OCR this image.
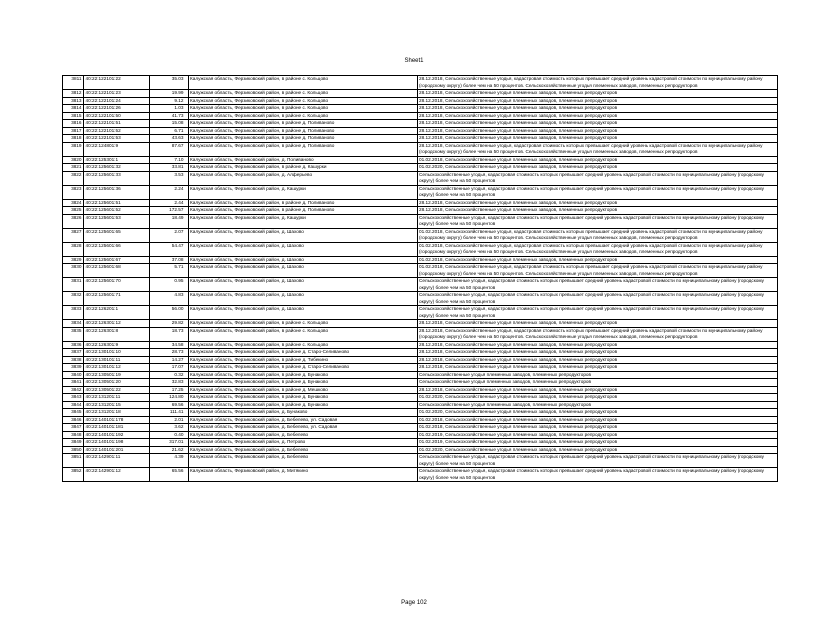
Sheet1
3811	40:22:122101:22	35.03	Калужская область, Ферзиковский район, в районе с. Кольцово	28.12.2018, Сельскохозяйственные угодья, кадастровая стоимость которых превышает средний уровень кадастровой стоимости по муниципальному району (городскому округу) более чем на 50 процентов. Сельскохозяйственные угодья племенных заводов, племенных репродукторов
3812	40:22:122101:23	19.99	Калужская область, Ферзиковский район, в районе с. Кольцово	28.12.2018, Сельскохозяйственные угодья племенных заводов, племенных репродукторов
3813	40:22:122101:24	9.12	Калужская область, Ферзиковский район, в районе с. Кольцово	28.12.2018, Сельскохозяйственные угодья племенных заводов, племенных репродукторов
3814	40:22:122101:26	1.03	Калужская область, Ферзиковский район, в районе с. Кольцово	28.12.2018, Сельскохозяйственные угодья племенных заводов, племенных репродукторов
3815	40:22:122101:50	41.73	Калужская область, Ферзиковский район, в районе с. Кольцово	28.12.2018, Сельскохозяйственные угодья племенных заводов, племенных репродукторов
3816	40:22:122101:51	15.08	Калужская область, Ферзиковский район, в районе д. Поливаново	28.12.2018, Сельскохозяйственные угодья племенных заводов, племенных репродукторов
3817	40:22:122101:52	6.71	Калужская область, Ферзиковский район, в районе д. Поливаново	28.12.2018, Сельскохозяйственные угодья племенных заводов, племенных репродукторов
3818	40:22:122101:53	43.63	Калужская область, Ферзиковский район, в районе д. Поливаново	28.12.2018, Сельскохозяйственные угодья племенных заводов, племенных репродукторов
3819	40:22:124801:9	87.67	Калужская область, Ферзиковский район, в районе д. Поливаново	28.12.2018, Сельскохозяйственные угодья, кадастровая стоимость которых превышает средний уровень кадастровой стоимости по муниципальному району (городскому округу) более чем на 50 процентов. Сельскохозяйственные угодья племенных заводов, племенных репродукторов
3820	40:22:125301:1	7.10	Калужская область, Ферзиковский район, д. Поливаново	01.02.2018, Сельскохозяйственные угодья племенных заводов, племенных репродукторов
3821	40:22:125601:32	33.81	Калужская область, Ферзиковский район, в районе д. Кашурки	01.02.2020, Сельскохозяйственные угодья племенных заводов, племенных репродукторов
3822	40:22:125601:33	3.53	Калужская область, Ферзиковский район, д. Алферьево	Сельскохозяйственные угодья, кадастровая стоимость которых превышает средний уровень кадастровой стоимости по муниципальному району (городскому округу) более чем на 50 процентов
3823	40:22:125601:36	2.24	Калужская область, Ферзиковский район, д. Кашурки	Сельскохозяйственные угодья, кадастровая стоимость которых превышает средний уровень кадастровой стоимости по муниципальному району (городскому округу) более чем на 50 процентов
3824	40:22:125601:51	2.44	Калужская область, Ферзиковский район, в районе д. Поливаново	28.12.2018, Сельскохозяйственные угодья племенных заводов, племенных репродукторов
3825	40:22:125601:52	172.57	Калужская область, Ферзиковский район, в районе д. Поливаново	28.12.2018, Сельскохозяйственные угодья племенных заводов, племенных репродукторов
3826	40:22:125601:53	18.49	Калужская область, Ферзиковский район, д. Кашурки	Сельскохозяйственные угодья, кадастровая стоимость которых превышает средний уровень кадастровой стоимости по муниципальному району (городскому округу) более чем на 50 процентов
3827	40:22:125601:65	2.07	Калужская область, Ферзиковский район, д. Шахово	01.02.2018, Сельскохозяйственные угодья, кадастровая стоимость которых превышает средний уровень кадастровой стоимости по муниципальному району (городскому округу) более чем на 50 процентов. Сельскохозяйственные угодья племенных заводов, племенных репродукторов
3828	40:22:125601:66	54.47	Калужская область, Ферзиковский район, д. Шахово	01.02.2018, Сельскохозяйственные угодья, кадастровая стоимость которых превышает средний уровень кадастровой стоимости по муниципальному району (городскому округу) более чем на 50 процентов. Сельскохозяйственные угодья племенных заводов, племенных репродукторов
3829	40:22:125601:67	37.08	Калужская область, Ферзиковский район, д. Шахово	01.02.2018, Сельскохозяйственные угодья племенных заводов, племенных репродукторов
3830	40:22:125601:68	5.71	Калужская область, Ферзиковский район, д. Шахово	01.02.2018, Сельскохозяйственные угодья, кадастровая стоимость которых превышает средний уровень кадастровой стоимости по муниципальному району (городскому округу) более чем на 50 процентов. Сельскохозяйственные угодья племенных заводов, племенных репродукторов
3831	40:22:125601:70	0.95	Калужская область, Ферзиковский район, д. Шахово	Сельскохозяйственные угодья, кадастровая стоимость которых превышает средний уровень кадастровой стоимости по муниципальному району (городскому округу) более чем на 50 процентов
3832	40:22:125601:71	4.83	Калужская область, Ферзиковский район, д. Шахово	Сельскохозяйственные угодья, кадастровая стоимость которых превышает средний уровень кадастровой стоимости по муниципальному району (городскому округу) более чем на 50 процентов
3833	40:22:126201:1	56.00	Калужская область, Ферзиковский район, д. Шахово	Сельскохозяйственные угодья, кадастровая стоимость которых превышает средний уровень кадастровой стоимости по муниципальному району (городскому округу) более чем на 50 процентов
3834	40:22:126301:12	29.82	Калужская область, Ферзиковский район, в районе с. Кольцово	28.12.2018, Сельскохозяйственные угодья племенных заводов, племенных репродукторов
3835	40:22:126301:8	18.73	Калужская область, Ферзиковский район, в районе с. Кольцово	28.12.2018, Сельскохозяйственные угодья, кадастровая стоимость которых превышает средний уровень кадастровой стоимости по муниципальному району (городскому округу) более чем на 50 процентов. Сельскохозяйственные угодья племенных заводов, племенных репродукторов
3836	40:22:126301:9	34.58	Калужская область, Ферзиковский район, в районе с. Кольцово	28.12.2018, Сельскохозяйственные угодья племенных заводов, племенных репродукторов
3837	40:22:130101:10	28.73	Калужская область, Ферзиковский район, в районе д. Старо-Селиваново	28.12.2018, Сельскохозяйственные угодья племенных заводов, племенных репродукторов
3838	40:22:130101:11	14.27	Калужская область, Ферзиковский район, в районе д. Тибекино	28.12.2018, Сельскохозяйственные угодья племенных заводов, племенных репродукторов
3839	40:22:130101:12	17.07	Калужская область, Ферзиковский район, в районе д. Старо-Селиваново	28.12.2018, Сельскохозяйственные угодья племенных заводов, племенных репродукторов
3840	40:22:130501:19	0.32	Калужская область, Ферзиковский район, в районе д. Бунаково	Сельскохозяйственные угодья племенных заводов, племенных репродукторов
3841	40:22:130501:20	32.83	Калужская область, Ферзиковский район, в районе д. Бунаково	Сельскохозяйственные угодья племенных заводов, племенных репродукторов
3842	40:22:130501:22	17.25	Калужская область, Ферзиковский район, в районе д. Мешково	28.12.2018, Сельскохозяйственные угодья племенных заводов, племенных репродукторов
3843	40:22:131201:11	124.80	Калужская область, Ферзиковский район, в районе д. Бунаково	01.02.2020, Сельскохозяйственные угодья племенных заводов, племенных репродукторов
3844	40:22:131201:15	69.56	Калужская область, Ферзиковский район, в районе д. Бунаково	Сельскохозяйственные угодья племенных заводов, племенных репродукторов
3845	40:22:131201:18	111.41	Калужская область, Ферзиковский район, д. Бунаково	01.02.2020, Сельскохозяйственные угодья племенных заводов, племенных репродукторов
3846	40:22:140101:178	2.01	Калужская область, Ферзиковский район, д. Бебелево, ул. Садовая	01.02.2018, Сельскохозяйственные угодья племенных заводов, племенных репродукторов
3847	40:22:140101:181	3.62	Калужская область, Ферзиковский район, д. Бебелево, ул. Садовая	01.02.2018, Сельскохозяйственные угодья племенных заводов, племенных репродукторов
3848	40:22:140101:192	0.40	Калужская область, Ферзиковский район, д. Бебелево	01.02.2019, Сельскохозяйственные угодья племенных заводов, племенных репродукторов
3849	40:22:140101:198	317.01	Калужская область, Ферзиковский район, д. Петрово	01.02.2019, Сельскохозяйственные угодья племенных заводов, племенных репродукторов
3850	40:22:140101:201	21.62	Калужская область, Ферзиковский район, д. Бебелево	01.02.2020, Сельскохозяйственные угодья племенных заводов, племенных репродукторов
3851	40:22:142901:11	4.39	Калужская область, Ферзиковский район, д. Бебелево	Сельскохозяйственные угодья, кадастровая стоимость которых превышает средний уровень кадастровой стоимости по муниципальному району (городскому округу) более чем на 50 процентов
3852	40:22:142901:12	65.56	Калужская область, Ферзиковский район, д. Митякино	Сельскохозяйственные угодья, кадастровая стоимость которых превышает средний уровень кадастровой стоимости по муниципальному району (городскому округу) более чем на 50 процентов
Page 102
